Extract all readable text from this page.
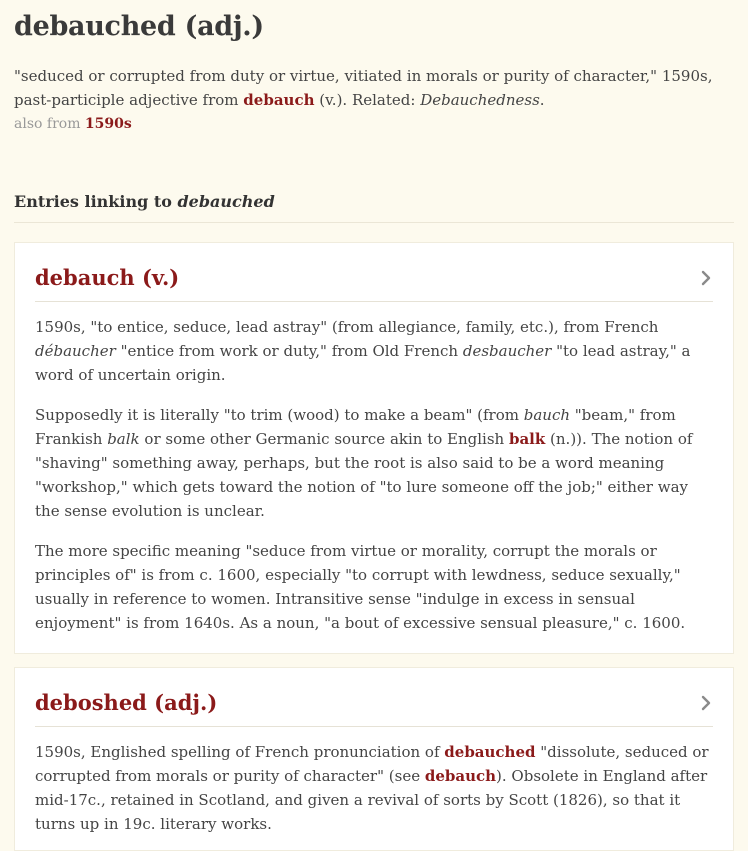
debauched (adj.)

"seduced or corrupted from duty or virtue, vitiated in morals or purity of character," 1590s, past-participle adjective from debauch (v.). Related: Debauchedness.

also from 1590s

Entries linking to debauched
debauch (v.)

1590s, "to entice, seduce, lead astray" (from allegiance, family, etc.), from French débaucher "entice from work or duty," from Old French desbaucher "to lead astray," a word of uncertain origin.

Supposedly it is literally "to trim (wood) to make a beam" (from bauch "beam," from Frankish balk or some other Germanic source akin to English balk (n.)). The notion of "shaving" something away, perhaps, but the root is also said to be a word meaning "workshop," which gets toward the notion of "to lure someone off the job;" either way the sense evolution is unclear.

The more specific meaning "seduce from virtue or morality, corrupt the morals or principles of" is from c. 1600, especially "to corrupt with lewdness, seduce sexually," usually in reference to women. Intransitive sense "indulge in excess in sensual enjoyment" is from 1640s. As a noun, "a bout of excessive sensual pleasure," c. 1600.

deboshed (adj.)

1590s, Englished spelling of French pronunciation of debauched "dissolute, seduced or corrupted from morals or purity of character" (see debauch). Obsolete in England after mid-17c., retained in Scotland, and given a revival of sorts by Scott (1826), so that it turns up in 19c. literary works.
